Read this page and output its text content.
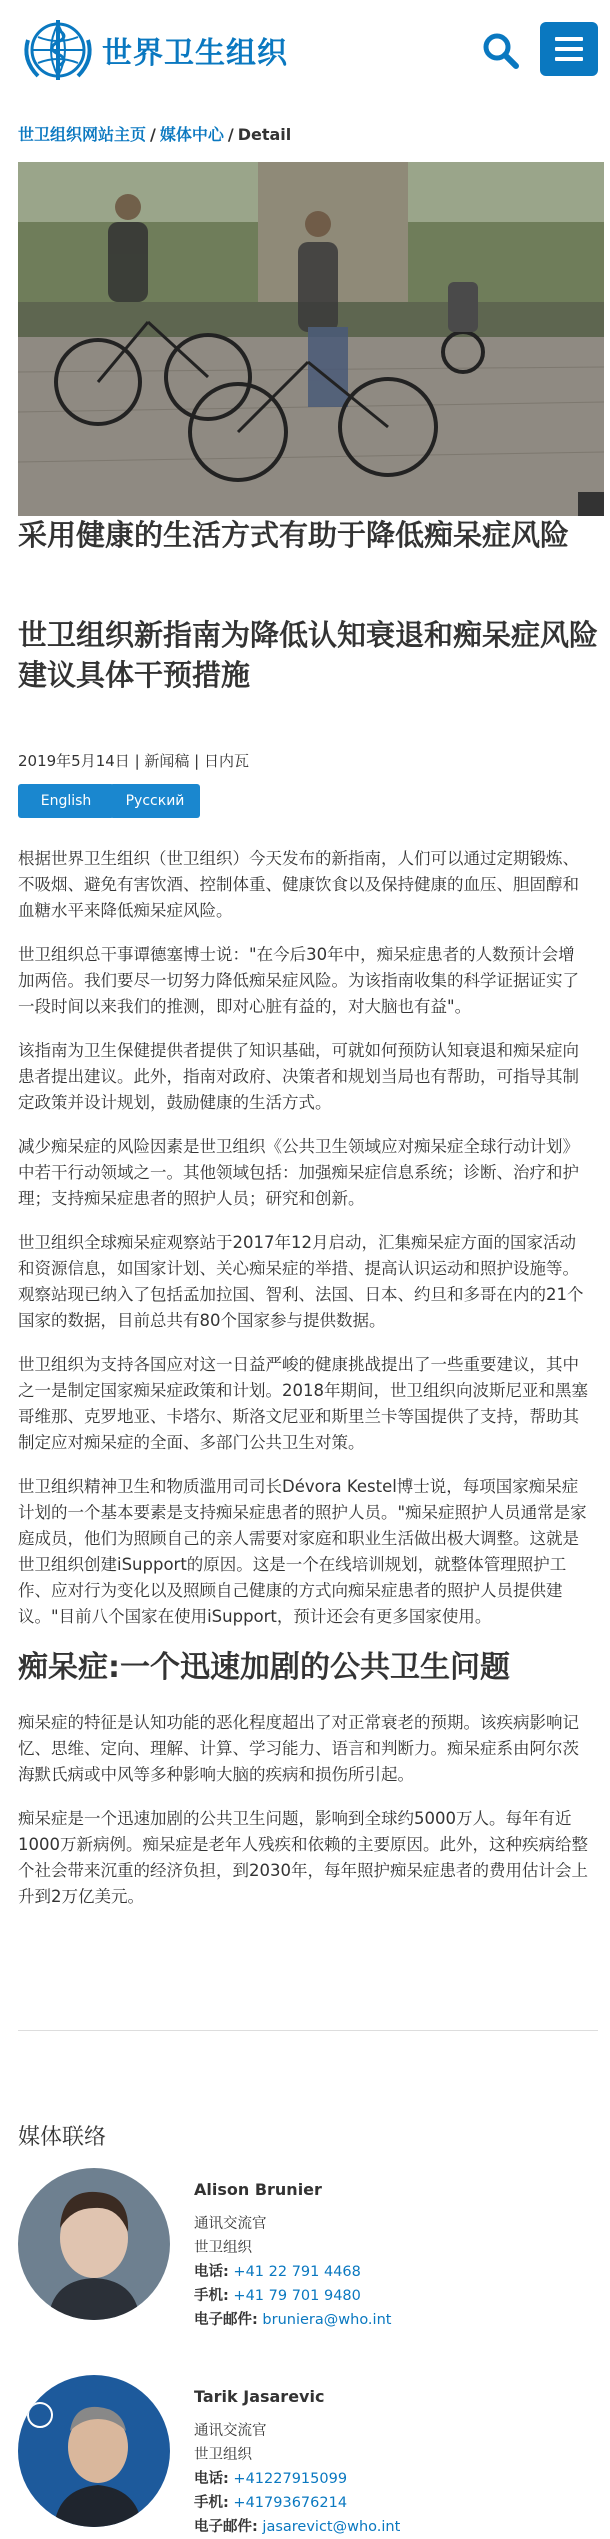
世界卫生组织
世卫组织网站主页 / 媒体中心 / Detail
采用健康的生活方式有助于降低痴呆症风险
世卫组织新指南为降低认知衰退和痴呆症风险建议具体干预措施
2019年5月14日 | 新闻稿 | 日内瓦
English	Русский

根据世界卫生组织（世卫组织）今天发布的新指南，人们可以通过定期锻炼、不吸烟、避免有害饮酒、控制体重、健康饮食以及保持健康的血压、胆固醇和血糖水平来降低痴呆症风险。

世卫组织总干事谭德塞博士说："在今后30年中，痴呆症患者的人数预计会增加两倍。我们要尽一切努力降低痴呆症风险。为该指南收集的科学证据证实了一段时间以来我们的推测，即对心脏有益的，对大脑也有益"。

该指南为卫生保健提供者提供了知识基础，可就如何预防认知衰退和痴呆症向患者提出建议。此外，指南对政府、决策者和规划当局也有帮助，可指导其制定政策并设计规划，鼓励健康的生活方式。

减少痴呆症的风险因素是世卫组织《公共卫生领域应对痴呆症全球行动计划》中若干行动领域之一。其他领域包括：加强痴呆症信息系统；诊断、治疗和护理；支持痴呆症患者的照护人员；研究和创新。

世卫组织全球痴呆症观察站于2017年12月启动，汇集痴呆症方面的国家活动和资源信息，如国家计划、关心痴呆症的举措、提高认识运动和照护设施等。观察站现已纳入了包括孟加拉国、智利、法国、日本、约旦和多哥在内的21个国家的数据，目前总共有80个国家参与提供数据。

世卫组织为支持各国应对这一日益严峻的健康挑战提出了一些重要建议，其中之一是制定国家痴呆症政策和计划。2018年期间，世卫组织向波斯尼亚和黑塞哥维那、克罗地亚、卡塔尔、斯洛文尼亚和斯里兰卡等国提供了支持，帮助其制定应对痴呆症的全面、多部门公共卫生对策。

世卫组织精神卫生和物质滥用司司长Dévora Kestel博士说，每项国家痴呆症计划的一个基本要素是支持痴呆症患者的照护人员。"痴呆症照护人员通常是家庭成员，他们为照顾自己的亲人需要对家庭和职业生活做出极大调整。这就是世卫组织创建iSupport的原因。这是一个在线培训规划，就整体管理照护工作、应对行为变化以及照顾自己健康的方式向痴呆症患者的照护人员提供建议。"目前八个国家在使用iSupport，预计还会有更多国家使用。

痴呆症:一个迅速加剧的公共卫生问题

痴呆症的特征是认知功能的恶化程度超出了对正常衰老的预期。该疾病影响记忆、思维、定向、理解、计算、学习能力、语言和判断力。痴呆症系由阿尔茨海默氏病或中风等多种影响大脑的疾病和损伤所引起。

痴呆症是一个迅速加剧的公共卫生问题，影响到全球约5000万人。每年有近1000万新病例。痴呆症是老年人残疾和依赖的主要原因。此外，这种疾病给整个社会带来沉重的经济负担，到2030年，每年照护痴呆症患者的费用估计会上升到2万亿美元。

媒体联络
Alison Brunier
通讯交流官
世卫组织
电话: +41 22 791 4468
手机: +41 79 701 9480
电子邮件: bruniera@who.int
Tarik Jasarevic
通讯交流官
世卫组织
电话: +41227915099
手机: +41793676214
电子邮件: jasarevict@who.int
